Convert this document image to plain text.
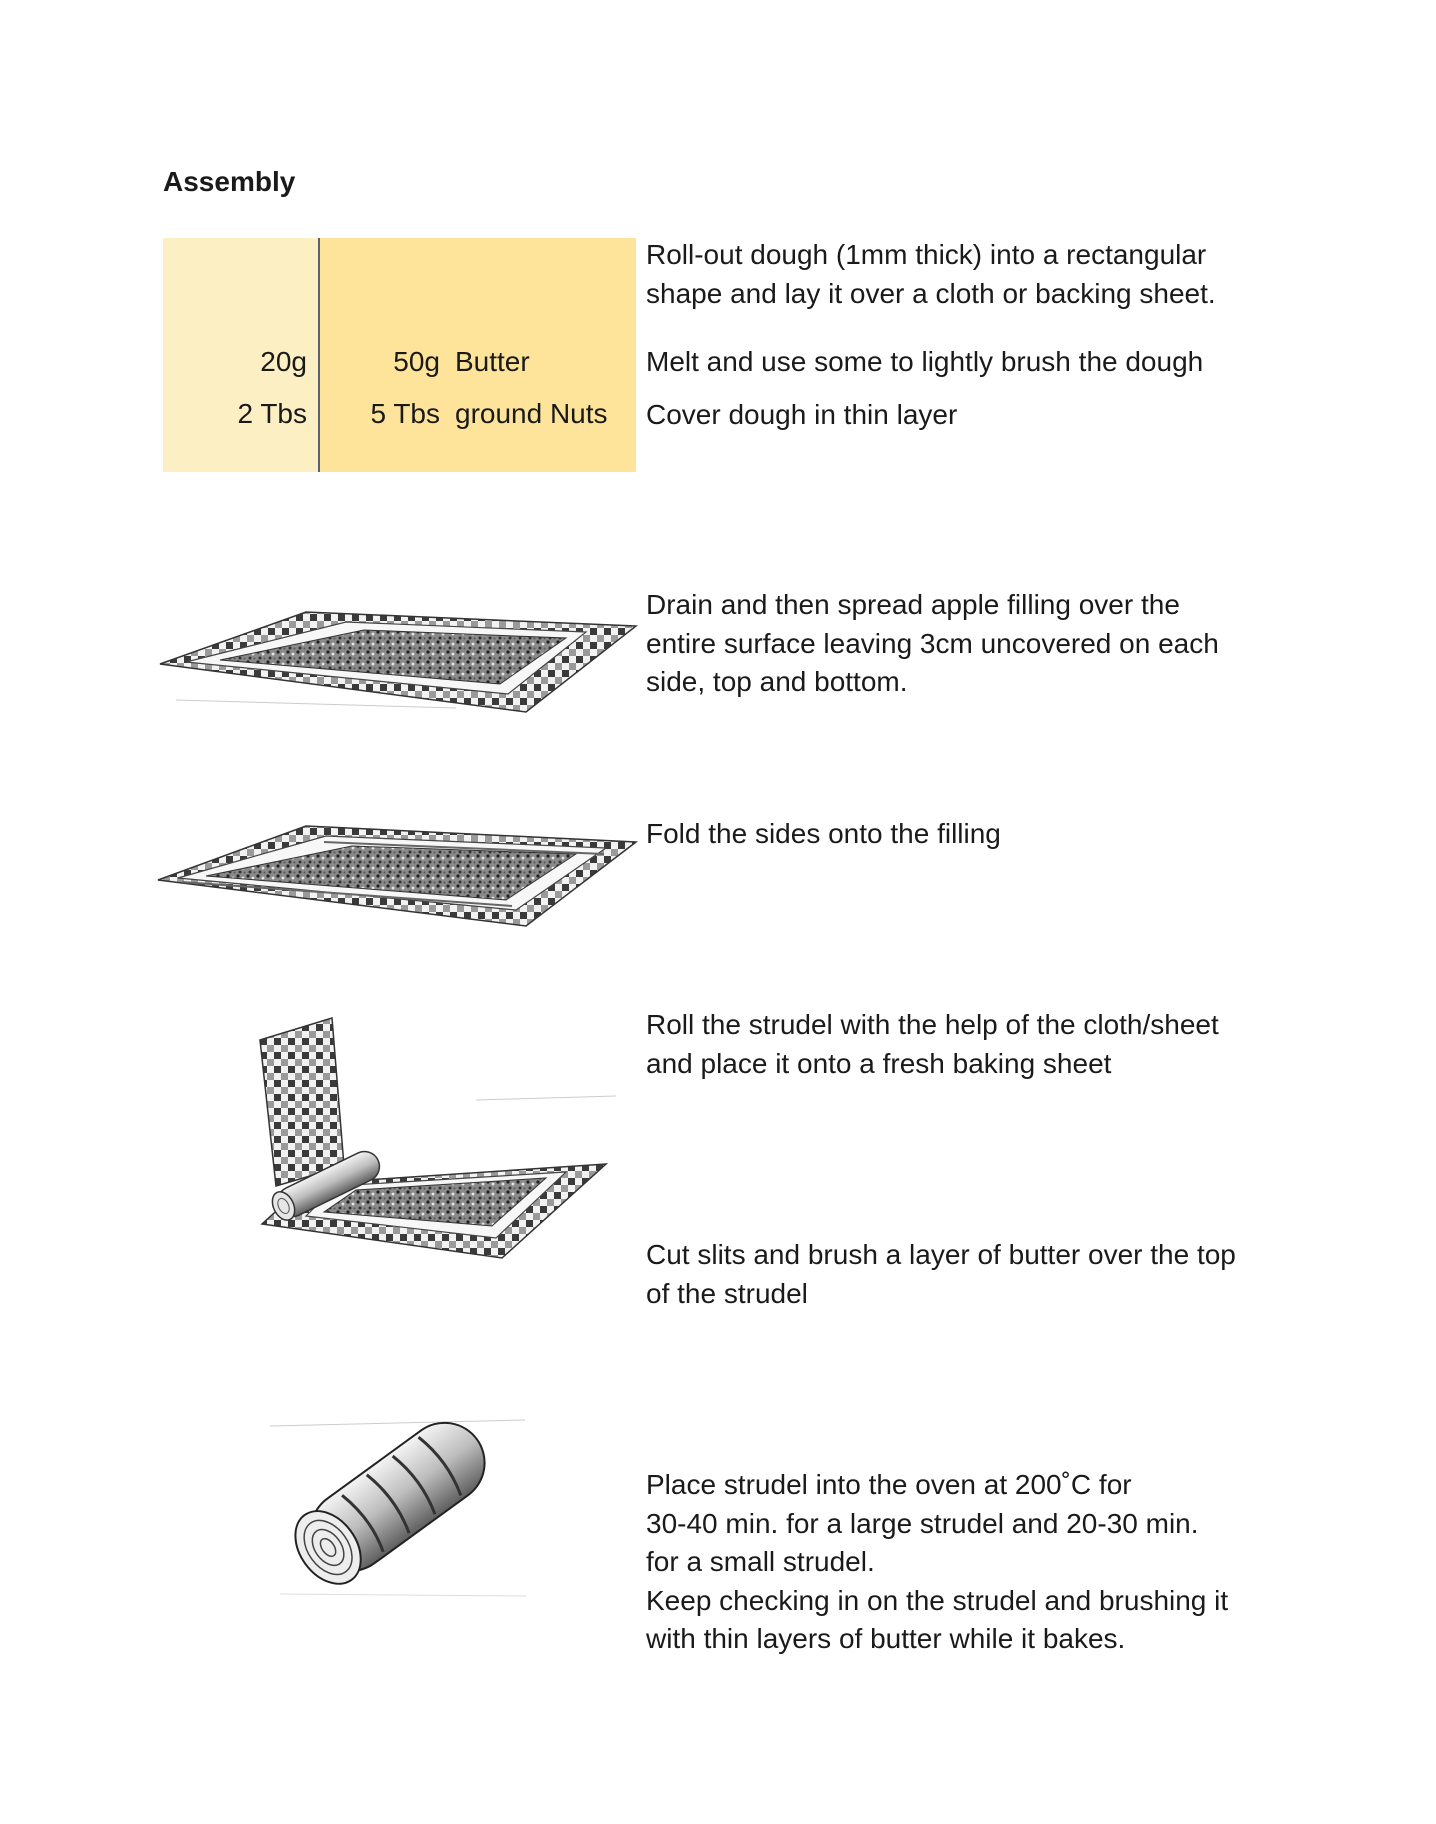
Assembly
20g	50g Butter
2 Tbs	5 Tbs ground Nuts
Roll-out dough (1mm thick) into a rectangular
shape and lay it over a cloth or backing sheet.
Melt and use some to lightly brush the dough
Cover dough in thin layer
Drain and then spread apple filling over the
entire surface leaving 3cm uncovered on each
side, top and bottom.
Fold the sides onto the filling
Roll the strudel with the help of the cloth/sheet
and place it onto a fresh baking sheet
Cut slits and brush a layer of butter over the top
of the strudel
Place strudel into the oven at 200˚C for
30-40 min. for a large strudel and 20-30 min.
for a small strudel.
Keep checking in on the strudel and brushing it
with thin layers of butter while it bakes.
